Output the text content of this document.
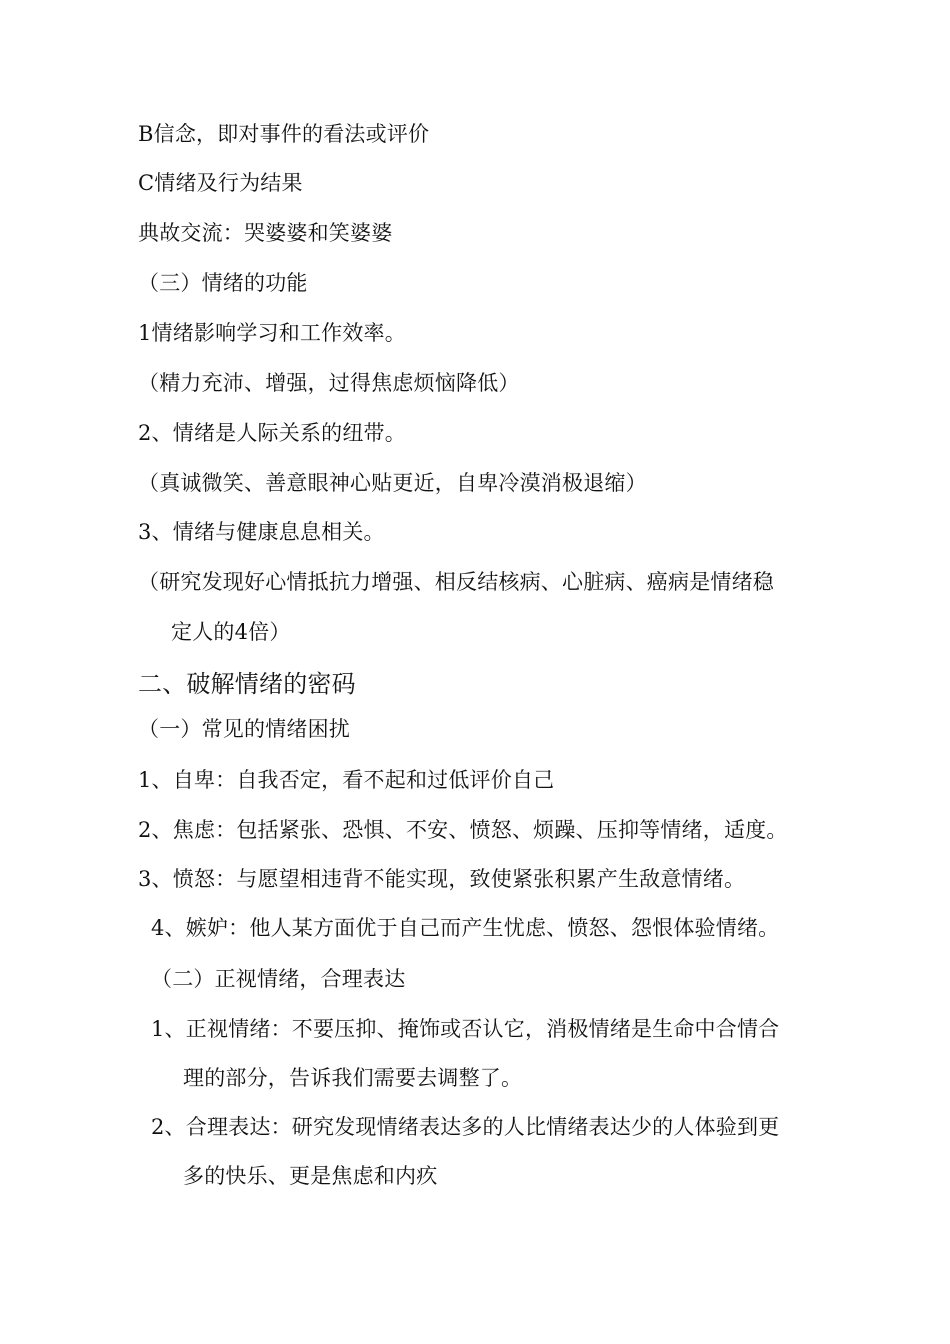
B信念，即对事件的看法或评价
C情绪及行为结果
典故交流：哭婆婆和笑婆婆
（三）情绪的功能
1情绪影响学习和工作效率。
（精力充沛、增强，过得焦虑烦恼降低）
2、情绪是人际关系的纽带。
（真诚微笑、善意眼神心贴更近，自卑冷漠消极退缩）
3、情绪与健康息息相关。
（研究发现好心情抵抗力增强、相反结核病、心脏病、癌病是情绪稳
定人的4倍）
二、破解情绪的密码
（一）常见的情绪困扰
1、自卑：自我否定，看不起和过低评价自己
2、焦虑：包括紧张、恐惧、不安、愤怒、烦躁、压抑等情绪，适度。
3、愤怒：与愿望相违背不能实现，致使紧张积累产生敌意情绪。
4、嫉妒：他人某方面优于自己而产生忧虑、愤怒、怨恨体验情绪。
（二）正视情绪，合理表达
1、正视情绪：不要压抑、掩饰或否认它，消极情绪是生命中合情合
理的部分，告诉我们需要去调整了。
2、合理表达：研究发现情绪表达多的人比情绪表达少的人体验到更
多的快乐、更是焦虑和内疚
